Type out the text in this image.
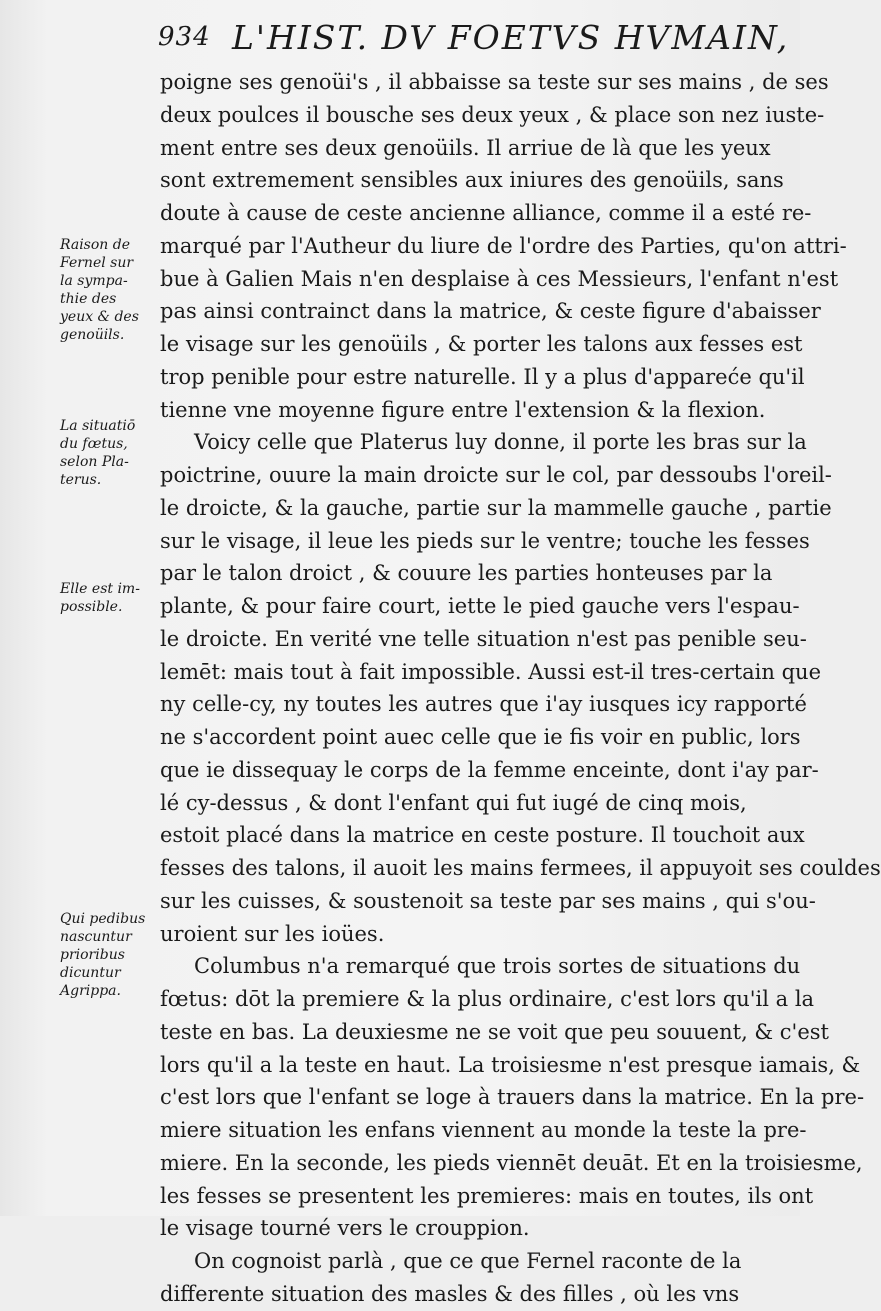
934 L'HIST. DV FOETVS HVMAIN,
poigne ses genoüi's , il abbaisse sa teste sur ses mains , de ses
deux poulces il bousche ses deux yeux , & place son nez iuste-
ment entre ses deux genoüils. Il arriue de là que les yeux
sont extremement sensibles aux iniures des genoüils, sans
doute à cause de ceste ancienne alliance, comme il a esté re-
marqué par l'Autheur du liure de l'ordre des Parties, qu'on attri-
bue à Galien Mais n'en desplaise à ces Messieurs, l'enfant n'est
pas ainsi contrainct dans la matrice, & ceste figure d'abaisser
le visage sur les genoüils , & porter les talons aux fesses est
trop penible pour estre naturelle. Il y a plus d'appareće qu'il
tienne vne moyenne figure entre l'extension & la flexion.
Voicy celle que Platerus luy donne, il porte les bras sur la
poictrine, ouure la main droicte sur le col, par dessoubs l'oreil-
le droicte, & la gauche, partie sur la mammelle gauche , partie
sur le visage, il leue les pieds sur le ventre; touche les fesses
par le talon droict , & couure les parties honteuses par la
plante, & pour faire court, iette le pied gauche vers l'espau-
le droicte. En verité vne telle situation n'est pas penible seu-
lemēt: mais tout à fait impossible. Aussi est-il tres-certain que
ny celle-cy, ny toutes les autres que i'ay iusques icy rapporté
ne s'accordent point auec celle que ie fis voir en public, lors
que ie dissequay le corps de la femme enceinte, dont i'ay par-
lé cy-dessus , & dont l'enfant qui fut iugé de cinq mois,
estoit placé dans la matrice en ceste posture. Il touchoit aux
fesses des talons, il auoit les mains fermees, il appuyoit ses couldes
sur les cuisses, & soustenoit sa teste par ses mains , qui s'ou-
uroient sur les ioües.
Columbus n'a remarqué que trois sortes de situations du
fœtus: dōt la premiere & la plus ordinaire, c'est lors qu'il a la
teste en bas. La deuxiesme ne se voit que peu souuent, & c'est
lors qu'il a la teste en haut. La troisiesme n'est presque iamais, &
c'est lors que l'enfant se loge à trauers dans la matrice. En la pre-
miere situation les enfans viennent au monde la teste la pre-
miere. En la seconde, les pieds viennēt deuāt. Et en la troisiesme,
les fesses se presentent les premieres: mais en toutes, ils ont
le visage tourné vers le crouppion.
On cognoist parlà , que ce que Fernel raconte de la
differente situation des masles & des filles , où les vns
Raison de
Fernel sur
la sympa-
thie des
yeux & des
genoüils.
La situatiō
du fœtus,
selon Pla-
terus.
Elle est im-
possible.
Qui pedibus
nascuntur
prioribus
dicuntur
Agrippa.
